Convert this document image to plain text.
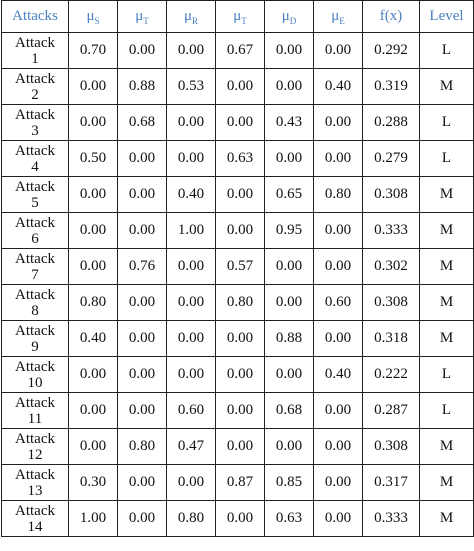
Attacks	$\mu_S$	$\mu_T$	$\mu_R$	$\mu_T$	$\mu_D$	$\mu_E$	f(x)	Level

Attack
1	0.70	0.00	0.00	0.67	0.00	0.00	0.292	L

Attack
2	0.00	0.88	0.53	0.00	0.00	0.40	0.319	M

Attack
3	0.00	0.68	0.00	0.00	0.43	0.00	0.288	L

Attack
4	0.50	0.00	0.00	0.63	0.00	0.00	0.279	L

Attack
5	0.00	0.00	0.40	0.00	0.65	0.80	0.308	M

Attack
6	0.00	0.00	1.00	0.00	0.95	0.00	0.333	M

Attack
7	0.00	0.76	0.00	0.57	0.00	0.00	0.302	M

Attack
8	0.80	0.00	0.00	0.80	0.00	0.60	0.308	M

Attack
9	0.40	0.00	0.00	0.00	0.88	0.00	0.318	M

Attack
10	0.00	0.00	0.00	0.00	0.00	0.40	0.222	L

Attack
11	0.00	0.00	0.60	0.00	0.68	0.00	0.287	L

Attack
12	0.00	0.80	0.47	0.00	0.00	0.00	0.308	M

Attack
13	0.30	0.00	0.00	0.87	0.85	0.00	0.317	M

Attack
14	1.00	0.00	0.80	0.00	0.63	0.00	0.333	M
